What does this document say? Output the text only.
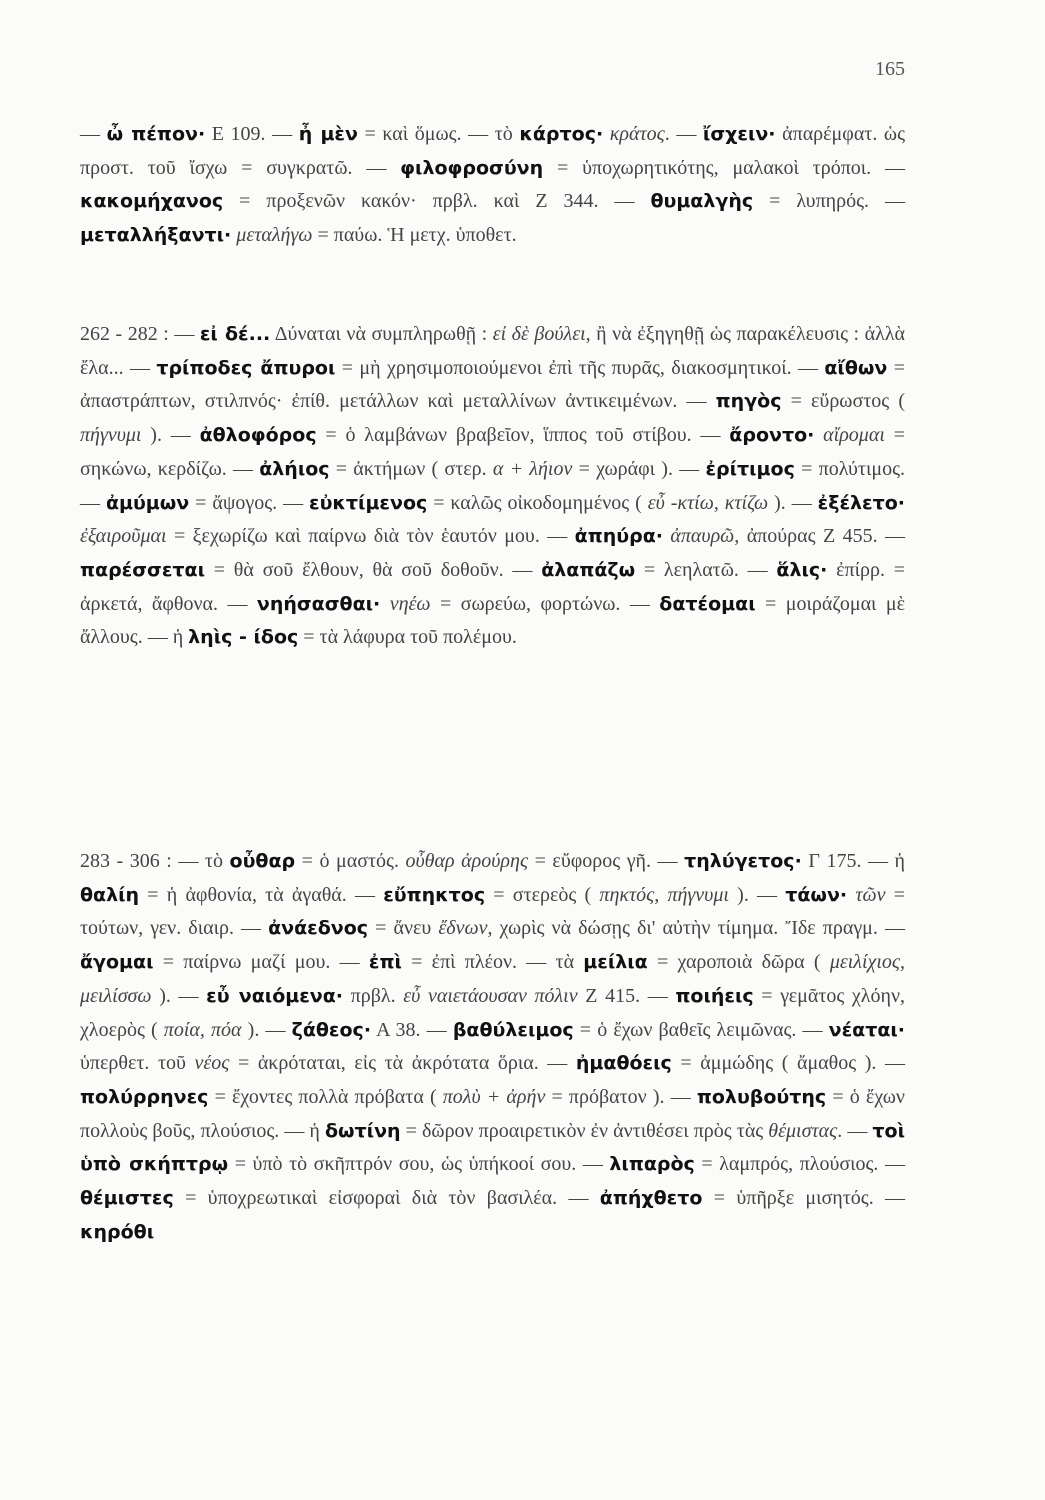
165
— ὦ πέπον· Ε 109. — ἦ μὲν = καὶ ὅμως. — τὸ κάρτος· κράτος. — ἴσχειν· ἀπαρέμφατ. ὡς προστ. τοῦ ἴσχω = συγκρατῶ. — φιλοφροσύνη = ὑποχωρητικότης, μαλακοὶ τρόποι. — κακομήχανος = προξενῶν κακόν· πρβλ. καὶ Ζ 344. — θυμαλγὴς = λυπηρός. — μεταλλήξαντι· μεταλήγω = παύω. Ἡ μετχ. ὑποθετ.
262 - 282 : — εἰ δέ... Δύναται νὰ συμπληρωθῇ : εἰ δὲ βούλει, ἢ νὰ ἐξηγηθῇ ὡς παρακέλευσις : ἀλλὰ ἔλα... — τρίποδες ἄπυροι = μὴ χρησιμοποιούμενοι ἐπὶ τῆς πυρᾶς, διακοσμητικοί. — αἴθων = ἀπαστράπτων, στιλπνός· ἐπίθ. μετάλλων καὶ μεταλλίνων ἀντικειμένων. — πηγὸς = εὔρωστος ( πήγνυμι ). — ἀθλοφόρος = ὁ λαμβάνων βραβεῖον, ἵππος τοῦ στίβου. — ἄροντο· αἴρομαι = σηκώνω, κερδίζω. — ἀλήιος = ἀκτήμων ( στερ. α + λήιον = χωράφι ). — ἐρίτιμος = πολύτιμος. — ἀμύμων = ἄψογος. — εὐκτίμενος = καλῶς οἰκοδομημένος ( εὖ -κτίω, κτίζω ). — ἐξέλετο· ἐξαιροῦμαι = ξεχωρίζω καὶ παίρνω διὰ τὸν ἑαυτόν μου. — ἀπηύρα· ἀπαυρῶ, ἀπούρας Ζ 455. — παρέσσεται = θὰ σοῦ ἔλθουν, θὰ σοῦ δοθοῦν. — ἀλαπάζω = λεηλατῶ. — ἅλις· ἐπίρρ. = ἀρκετά, ἄφθονα. — νηήσασθαι· νηέω = σωρεύω, φορτώνω. — δατέομαι = μοιράζομαι μὲ ἄλλους. — ἡ ληὶς - ίδος = τὰ λάφυρα τοῦ πολέμου.
283 - 306 : — τὸ οὖθαρ = ὁ μαστός. οὖθαρ ἀρούρης = εὔφορος γῆ. — τηλύγετος· Γ 175. — ἡ θαλίη = ἡ ἀφθονία, τὰ ἀγαθά. — εὔπηκτος = στερεὸς ( πηκτός, πήγνυμι ). — τάων· τῶν = τούτων, γεν. διαιρ. — ἀνάεδνος = ἄνευ ἔδνων, χωρὶς νὰ δώσῃς δι' αὐτὴν τίμημα. Ἴδε πραγμ. — ἄγομαι = παίρνω μαζί μου. — ἐπὶ = ἐπὶ πλέον. — τὰ μείλια = χαροποιὰ δῶρα ( μειλίχιος, μειλίσσω ). — εὖ ναιόμενα· πρβλ. εὖ ναιετάουσαν πόλιν Ζ 415. — ποιήεις = γεμᾶτος χλόην, χλοερὸς ( ποία, πόα ). — ζάθεος· Α 38. — βαθύλειμος = ὁ ἔχων βαθεῖς λειμῶνας. — νέαται· ὑπερθετ. τοῦ νέος = ἀκρόταται, εἰς τὰ ἀκρότατα ὅρια. — ἠμαθόεις = ἀμμώδης ( ἄμαθος ). — πολύρρηνες = ἔχοντες πολλὰ πρόβατα ( πολὺ + ἀρήν = πρόβατον ). — πολυβούτης = ὁ ἔχων πολλοὺς βοῦς, πλούσιος. — ἡ δωτίνη = δῶρον προαιρετικὸν ἐν ἀντιθέσει πρὸς τὰς θέμιστας. — τοὶ ὑπὸ σκήπτρῳ = ὑπὸ τὸ σκῆπτρόν σου, ὡς ὑπήκοοί σου. — λιπαρὸς = λαμπρός, πλούσιος. — θέμιστες = ὑποχρεωτικαὶ εἰσφοραὶ διὰ τὸν βασιλέα. — ἀπήχθετο = ὑπῆρξε μισητός. — κηρόθι
